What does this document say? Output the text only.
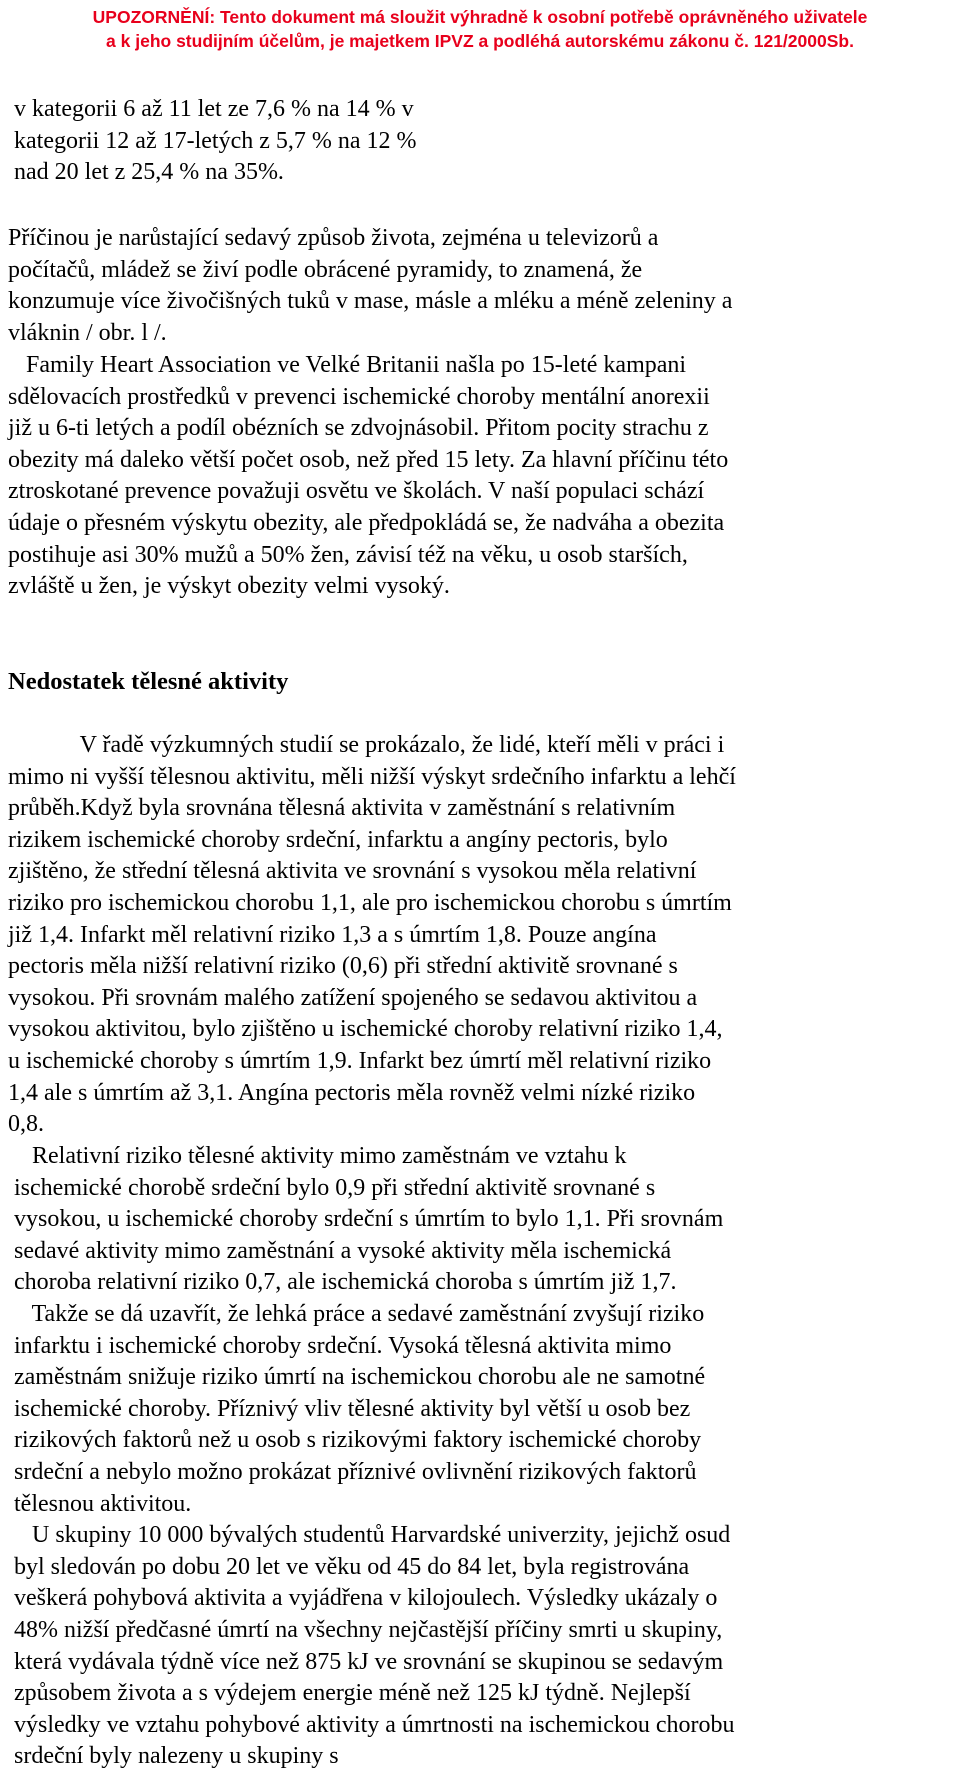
UPOZORNĚNÍ: Tento dokument má sloužit výhradně k osobní potřebě oprávněného uživatele
a k jeho studijním účelům, je majetkem IPVZ a podléhá autorskému zákonu č. 121/2000Sb.
v kategorii 6 až 11 let ze 7,6 % na 14 % v
kategorii 12 až 17-letých z 5,7 % na 12 %
nad 20 let z 25,4 % na 35%.
Příčinou je narůstající sedavý způsob života, zejména u televizorů a
počítačů, mládež se živí podle obrácené pyramidy, to znamená, že
konzumuje více živočišných tuků v mase, másle a mléku a méně zeleniny a
vláknin / obr. l /.
Family Heart Association ve Velké Britanii našla po 15-leté kampani
sdělovacích prostředků v prevenci ischemické choroby mentální anorexii
již u 6-ti letých a podíl obézních se zdvojnásobil. Přitom pocity strachu z
obezity má daleko větší počet osob, než před 15 lety. Za hlavní příčinu této
ztroskotané prevence považuji osvětu ve školách. V naší populaci schází
údaje o přesném výskytu obezity, ale předpokládá se, že nadváha a obezita
postihuje asi 30% mužů a 50% žen, závisí též na věku, u osob starších,
zvláště u žen, je výskyt obezity velmi vysoký.
Nedostatek tělesné aktivity
V řadě výzkumných studií se prokázalo, že lidé, kteří měli v práci i
mimo ni vyšší tělesnou aktivitu, měli nižší výskyt srdečního infarktu a lehčí
průběh.Když byla srovnána tělesná aktivita v zaměstnání s relativním
rizikem ischemické choroby srdeční, infarktu a angíny pectoris, bylo
zjištěno, že střední tělesná aktivita ve srovnání s vysokou měla relativní
riziko pro ischemickou chorobu 1,1, ale pro ischemickou chorobu s úmrtím
již 1,4. Infarkt měl relativní riziko 1,3 a s úmrtím 1,8. Pouze angína
pectoris měla nižší relativní riziko (0,6) při střední aktivitě srovnané s
vysokou. Při srovnám malého zatížení spojeného se sedavou aktivitou a
vysokou aktivitou, bylo zjištěno u ischemické choroby relativní riziko 1,4,
u ischemické choroby s úmrtím 1,9. Infarkt bez úmrtí měl relativní riziko
1,4 ale s úmrtím až 3,1. Angína pectoris měla rovněž velmi nízké riziko
0,8.
Relativní riziko tělesné aktivity mimo zaměstnám ve vztahu k
ischemické chorobě srdeční bylo 0,9 při střední aktivitě srovnané s
vysokou, u ischemické choroby srdeční s úmrtím to bylo 1,1. Při srovnám
sedavé aktivity mimo zaměstnání a vysoké aktivity měla ischemická
choroba relativní riziko 0,7, ale ischemická choroba s úmrtím již 1,7.
Takže se dá uzavřít, že lehká práce a sedavé zaměstnání zvyšují riziko
infarktu i ischemické choroby srdeční. Vysoká tělesná aktivita mimo
zaměstnám snižuje riziko úmrtí na ischemickou chorobu ale ne samotné
ischemické choroby. Příznivý vliv tělesné aktivity byl větší u osob bez
rizikových faktorů než u osob s rizikovými faktory ischemické choroby
srdeční a nebylo možno prokázat příznivé ovlivnění rizikových faktorů
tělesnou aktivitou.
U skupiny 10 000 bývalých studentů Harvardské univerzity, jejichž osud
byl sledován po dobu 20 let ve věku od 45 do 84 let, byla registrována
veškerá pohybová aktivita a vyjádřena v kilojoulech. Výsledky ukázaly o
48% nižší předčasné úmrtí na všechny nejčastější příčiny smrti u skupiny,
která vydávala týdně více než 875 kJ ve srovnání se skupinou se sedavým
způsobem života a s výdejem energie méně než 125 kJ týdně. Nejlepší
výsledky ve vztahu pohybové aktivity a úmrtnosti na ischemickou chorobu
srdeční byly nalezeny u skupiny s
